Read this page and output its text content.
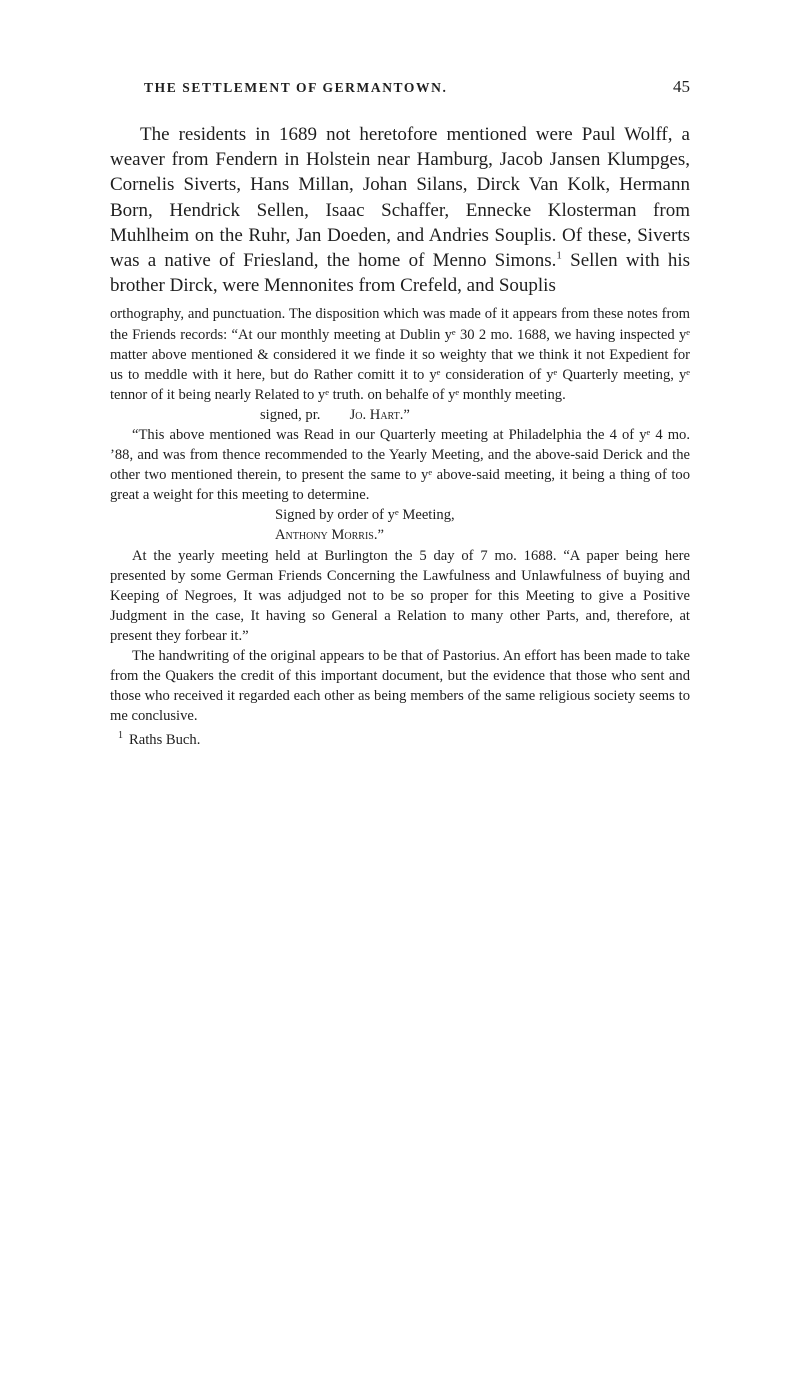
THE SETTLEMENT OF GERMANTOWN.	45

The residents in 1689 not heretofore mentioned were Paul Wolff, a weaver from Fendern in Holstein near Hamburg, Jacob Jansen Klumpges, Cornelis Siverts, Hans Millan, Johan Silans, Dirck Van Kolk, Hermann Born, Hendrick Sellen, Isaac Schaffer, Ennecke Klosterman from Muhlheim on the Ruhr, Jan Doeden, and Andries Souplis. Of these, Siverts was a native of Friesland, the home of Menno Simons.$^1$ Sellen with his brother Dirck, were Mennonites from Crefeld, and Souplis

orthography, and punctuation. The disposition which was made of it appears from these notes from the Friends records: “At our monthly meeting at Dublin yᵉ 30 2 mo. 1688, we having inspected yᵉ matter above mentioned & considered it we finde it so weighty that we think it not Expedient for us to meddle with it here, but do Rather comitt it to yᵉ consideration of yᵉ Quarterly meeting, yᵉ tennor of it being nearly Related to yᵉ truth. on behalfe of yᵉ monthly meeting.

signed, pr. Jo. Hart.”

“This above mentioned was Read in our Quarterly meeting at Philadelphia the 4 of yᵉ 4 mo. ’88, and was from thence recommended to the Yearly Meeting, and the above-said Derick and the other two mentioned therein, to present the same to yᵉ above-said meeting, it being a thing of too great a weight for this meeting to determine.

Signed by order of yᵉ Meeting,

Anthony Morris.”

At the yearly meeting held at Burlington the 5 day of 7 mo. 1688. “A paper being here presented by some German Friends Concerning the Lawfulness and Unlawfulness of buying and Keeping of Negroes, It was adjudged not to be so proper for this Meeting to give a Positive Judgment in the case, It having so General a Relation to many other Parts, and, therefore, at present they forbear it.”

The handwriting of the original appears to be that of Pastorius. An effort has been made to take from the Quakers the credit of this important document, but the evidence that those who sent and those who received it regarded each other as being members of the same religious society seems to me conclusive.

$^1$ Raths Buch.
